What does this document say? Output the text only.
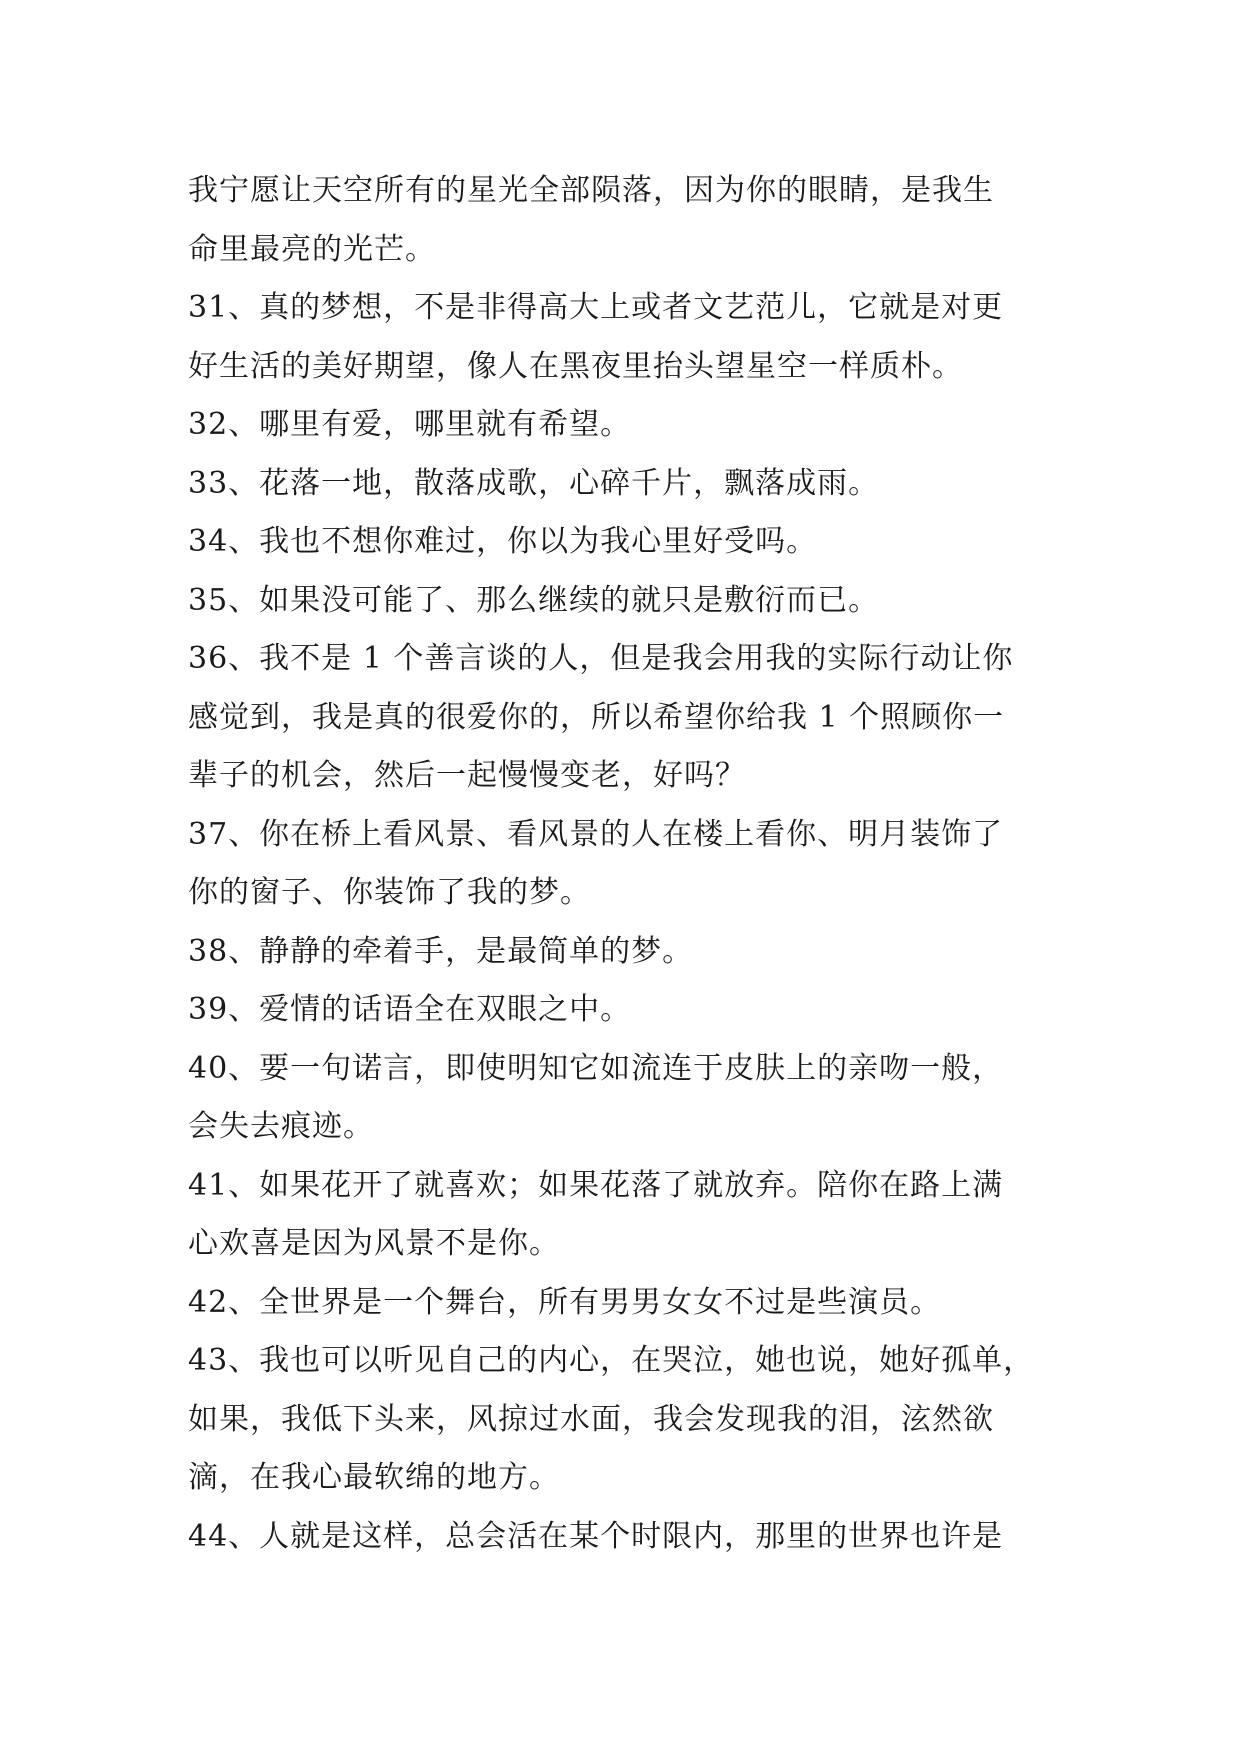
我宁愿让天空所有的星光全部陨落，因为你的眼睛，是我生
命里最亮的光芒。
31、真的梦想，不是非得高大上或者文艺范儿，它就是对更
好生活的美好期望，像人在黑夜里抬头望星空一样质朴。
32、哪里有爱，哪里就有希望。
33、花落一地，散落成歌，心碎千片，飘落成雨。
34、我也不想你难过，你以为我心里好受吗。
35、如果没可能了、那么继续的就只是敷衍而已。
36、我不是 1 个善言谈的人，但是我会用我的实际行动让你
感觉到，我是真的很爱你的，所以希望你给我 1 个照顾你一
辈子的机会，然后一起慢慢变老，好吗？
37、你在桥上看风景、看风景的人在楼上看你、明月装饰了
你的窗子、你装饰了我的梦。
38、静静的牵着手，是最简单的梦。
39、爱情的话语全在双眼之中。
40、要一句诺言，即使明知它如流连于皮肤上的亲吻一般，
会失去痕迹。
41、如果花开了就喜欢；如果花落了就放弃。陪你在路上满
心欢喜是因为风景不是你。
42、全世界是一个舞台，所有男男女女不过是些演员。
43、我也可以听见自己的内心，在哭泣，她也说，她好孤单，
如果，我低下头来，风掠过水面，我会发现我的泪，泫然欲
滴，在我心最软绵的地方。
44、人就是这样，总会活在某个时限内，那里的世界也许是
